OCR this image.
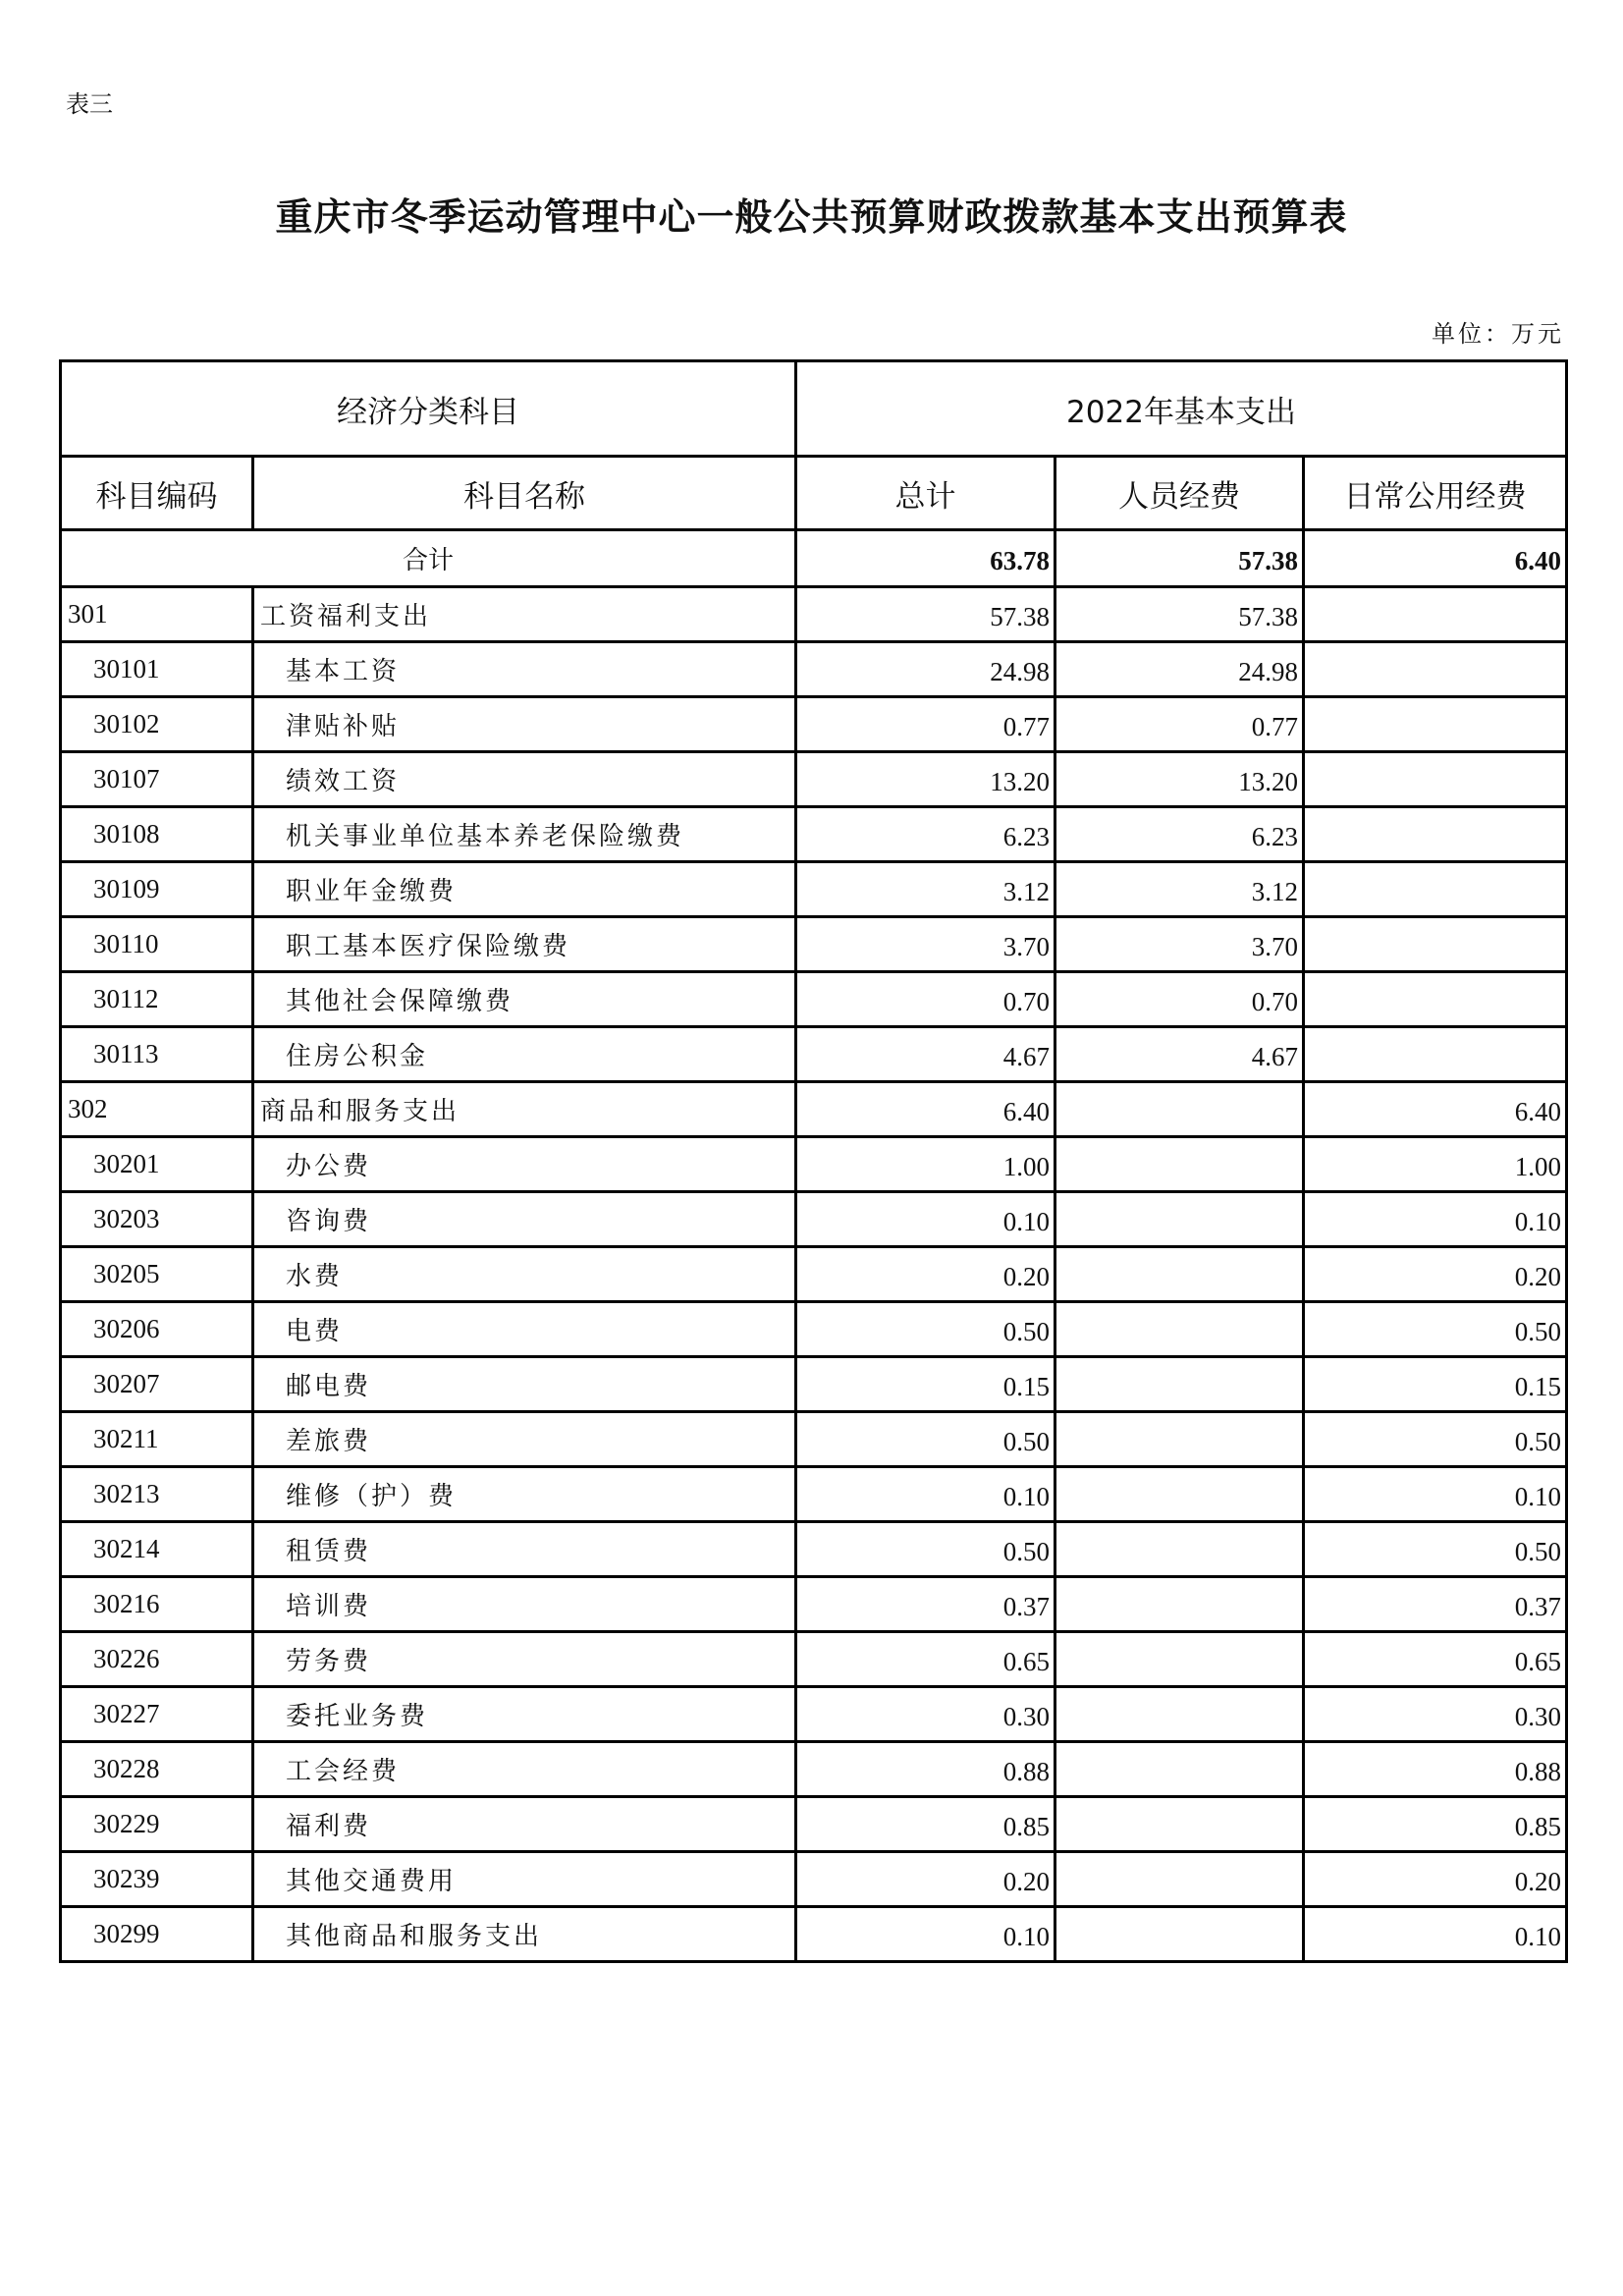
表三
重庆市冬季运动管理中心一般公共预算财政拨款基本支出预算表
单位：万元
经济分类科目		2022年基本支出		
科目编码	科目名称	总计	人员经费	日常公用经费
合计		63.78	57.38	6.40
301	工资福利支出	57.38	57.38	
30101	基本工资	24.98	24.98	
30102	津贴补贴	0.77	0.77	
30107	绩效工资	13.20	13.20	
30108	机关事业单位基本养老保险缴费	6.23	6.23	
30109	职业年金缴费	3.12	3.12	
30110	职工基本医疗保险缴费	3.70	3.70	
30112	其他社会保障缴费	0.70	0.70	
30113	住房公积金	4.67	4.67	
302	商品和服务支出	6.40		6.40
30201	办公费	1.00		1.00
30203	咨询费	0.10		0.10
30205	水费	0.20		0.20
30206	电费	0.50		0.50
30207	邮电费	0.15		0.15
30211	差旅费	0.50		0.50
30213	维修（护）费	0.10		0.10
30214	租赁费	0.50		0.50
30216	培训费	0.37		0.37
30226	劳务费	0.65		0.65
30227	委托业务费	0.30		0.30
30228	工会经费	0.88		0.88
30229	福利费	0.85		0.85
30239	其他交通费用	0.20		0.20
30299	其他商品和服务支出	0.10		0.10
